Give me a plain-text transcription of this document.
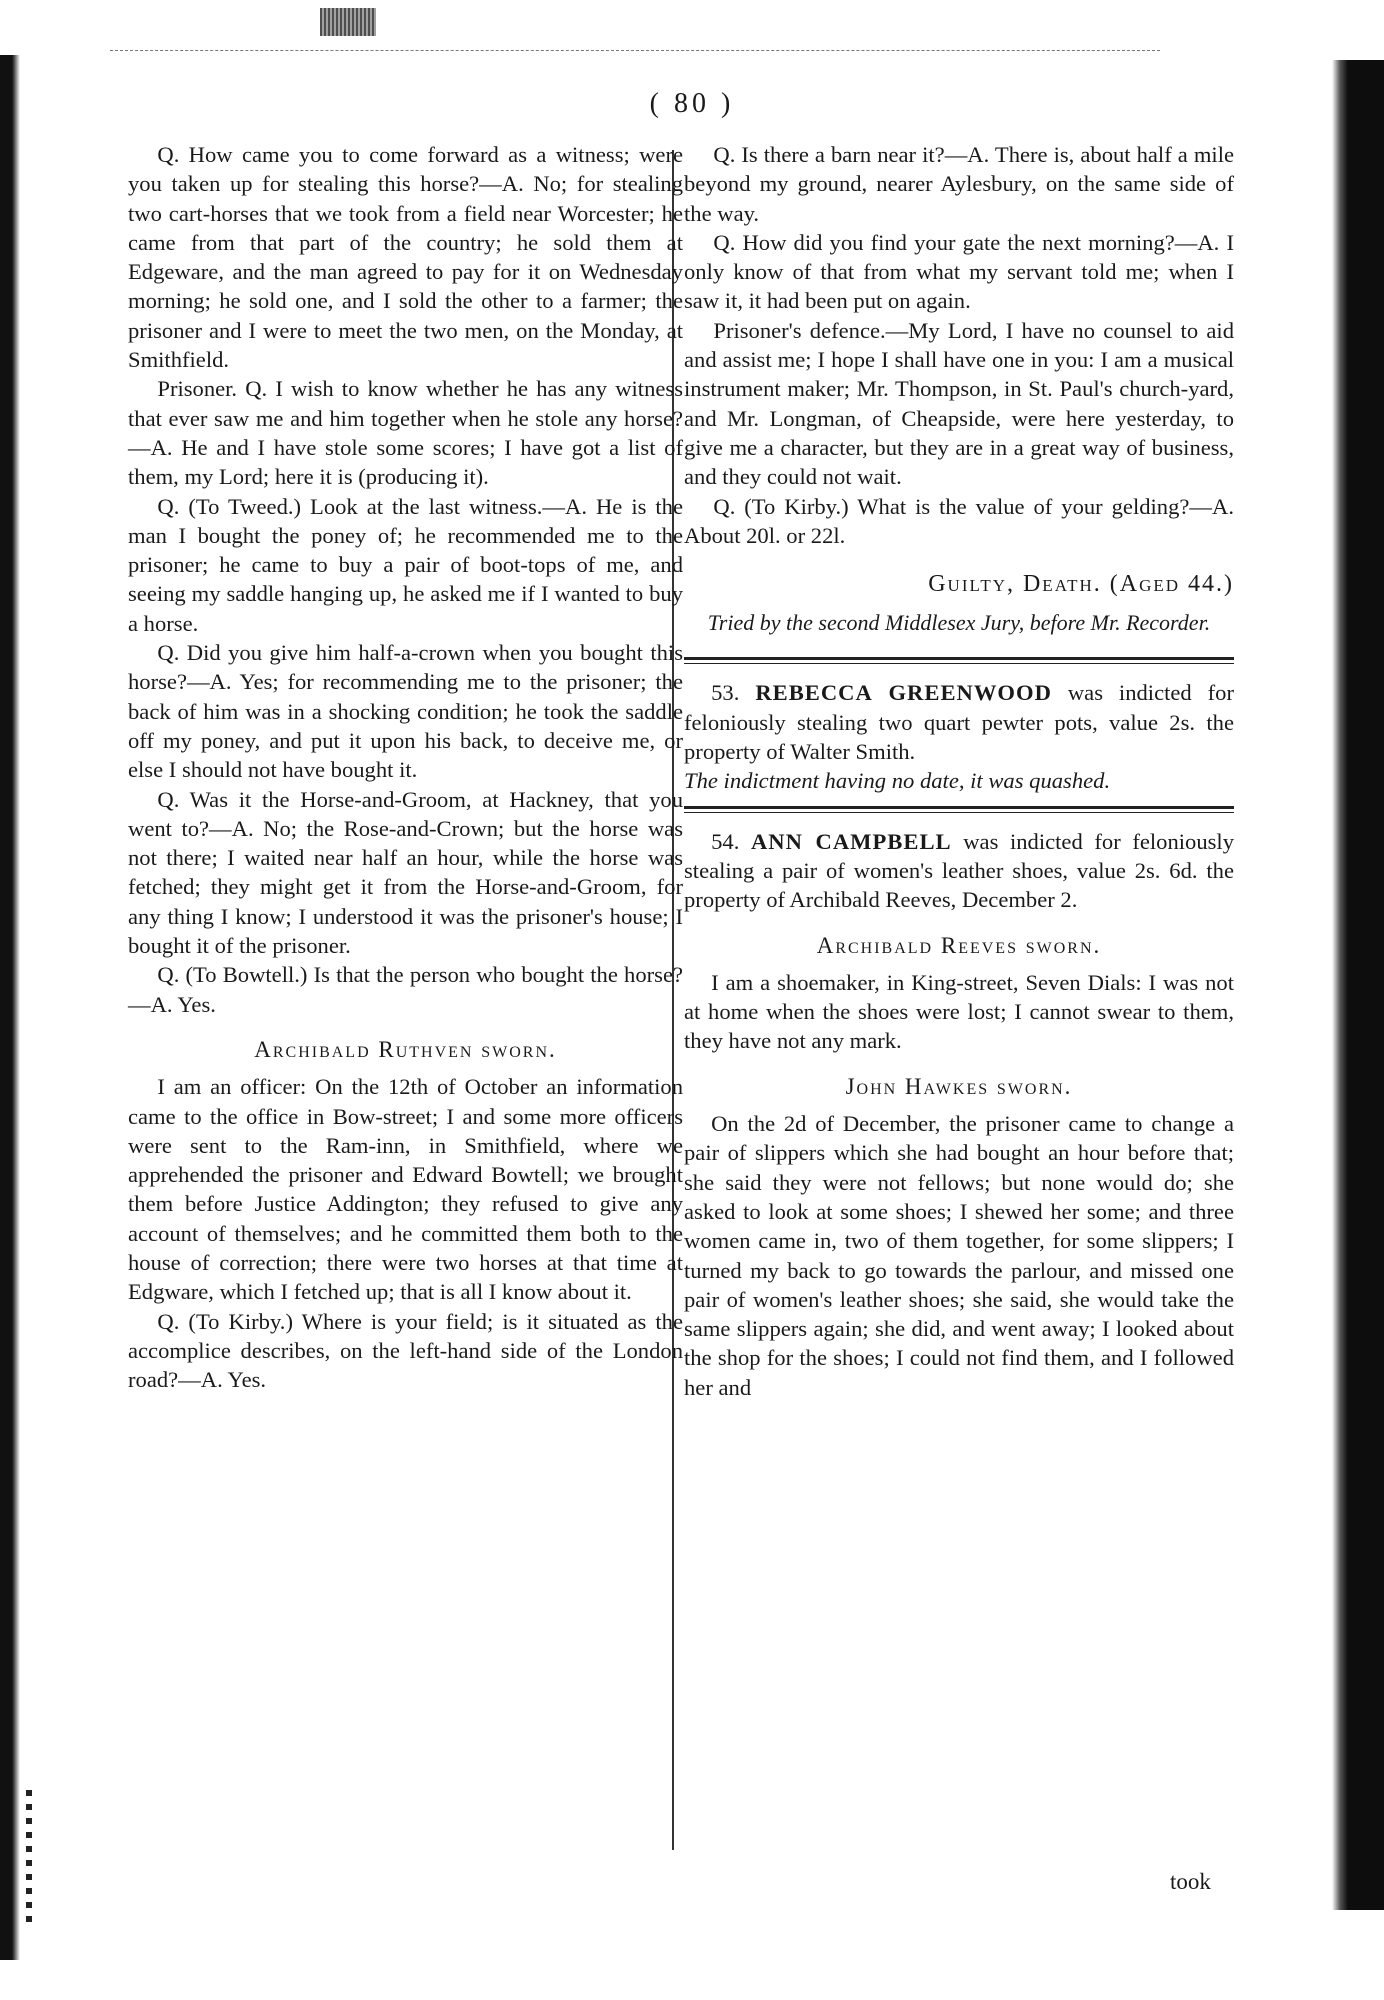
( 80 )

Q. How came you to come forward as a witness; were you taken up for stealing this horse?—A. No; for stealing two cart-horses that we took from a field near Worcester; he came from that part of the country; he sold them at Edgeware, and the man agreed to pay for it on Wednesday morning; he sold one, and I sold the other to a farmer; the prisoner and I were to meet the two men, on the Monday, at Smithfield.

Prisoner. Q. I wish to know whether he has any witness that ever saw me and him together when he stole any horse?—A. He and I have stole some scores; I have got a list of them, my Lord; here it is (producing it).

Q. (To Tweed.) Look at the last witness.—A. He is the man I bought the poney of; he recommended me to the prisoner; he came to buy a pair of boot-tops of me, and seeing my saddle hanging up, he asked me if I wanted to buy a horse.

Q. Did you give him half-a-crown when you bought this horse?—A. Yes; for recommending me to the prisoner; the back of him was in a shocking condition; he took the saddle off my poney, and put it upon his back, to deceive me, or else I should not have bought it.

Q. Was it the Horse-and-Groom, at Hackney, that you went to?—A. No; the Rose-and-Crown; but the horse was not there; I waited near half an hour, while the horse was fetched; they might get it from the Horse-and-Groom, for any thing I know; I understood it was the prisoner's house; I bought it of the prisoner.

Q. (To Bowtell.) Is that the person who bought the horse?—A. Yes.

Archibald Ruthven sworn.

I am an officer: On the 12th of October an information came to the office in Bow-street; I and some more officers were sent to the Ram-inn, in Smithfield, where we apprehended the prisoner and Edward Bowtell; we brought them before Justice Addington; they refused to give any account of themselves; and he committed them both to the house of correction; there were two horses at that time at Edgware, which I fetched up; that is all I know about it.

Q. (To Kirby.) Where is your field; is it situated as the accomplice describes, on the left-hand side of the London road?—A. Yes.

Q. Is there a barn near it?—A. There is, about half a mile beyond my ground, nearer Aylesbury, on the same side of the way.

Q. How did you find your gate the next morning?—A. I only know of that from what my servant told me; when I saw it, it had been put on again.

Prisoner's defence.—My Lord, I have no counsel to aid and assist me; I hope I shall have one in you: I am a musical instrument maker; Mr. Thompson, in St. Paul's church-yard, and Mr. Longman, of Cheapside, were here yesterday, to give me a character, but they are in a great way of business, and they could not wait.

Q. (To Kirby.) What is the value of your gelding?—A. About 20l. or 22l.

Guilty, Death. (Aged 44.)
Tried by the second Middlesex Jury, before Mr. Recorder.

53. REBECCA GREENWOOD was indicted for feloniously stealing two quart pewter pots, value 2s. the property of Walter Smith.

The indictment having no date, it was quashed.

54. ANN CAMPBELL was indicted for feloniously stealing a pair of women's leather shoes, value 2s. 6d. the property of Archibald Reeves, December 2.

Archibald Reeves sworn.

I am a shoemaker, in King-street, Seven Dials: I was not at home when the shoes were lost; I cannot swear to them, they have not any mark.

John Hawkes sworn.

On the 2d of December, the prisoner came to change a pair of slippers which she had bought an hour before that; she said they were not fellows; but none would do; she asked to look at some shoes; I shewed her some; and three women came in, two of them together, for some slippers; I turned my back to go towards the parlour, and missed one pair of women's leather shoes; she said, she would take the same slippers again; she did, and went away; I looked about the shop for the shoes; I could not find them, and I followed her and

took
